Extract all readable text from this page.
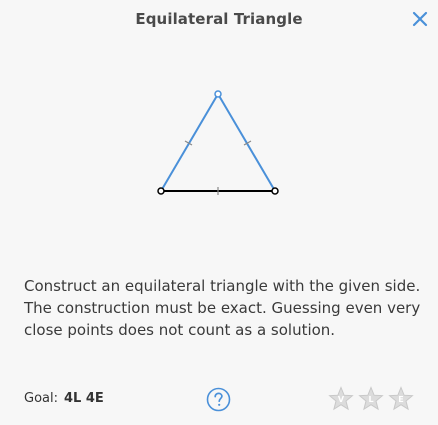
Equilateral Triangle

Construct an equilateral triangle with the given side. The construction must be exact. Guessing even very close points does not count as a solution.

Goal: 4L 4E	V	L	E
